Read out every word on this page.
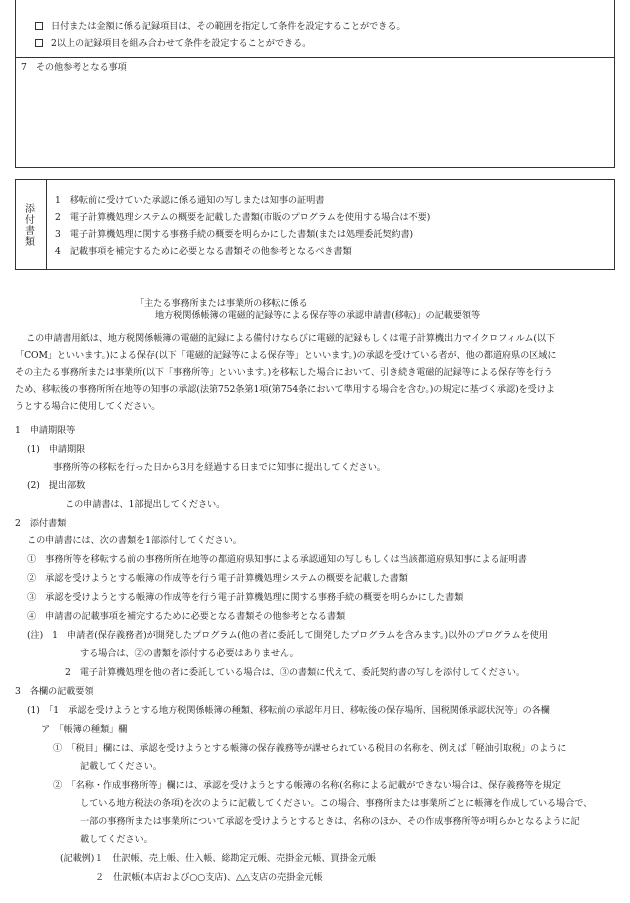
日付または金額に係る記録項目は、その範囲を指定して条件を設定することができる。
2以上の記録項目を組み合わせて条件を設定することができる。
7　その他参考となる事項
添付書類
1　移転前に受けていた承認に係る通知の写しまたは知事の証明書
2　電子計算機処理システムの概要を記載した書類(市販のプログラムを使用する場合は不要)
3　電子計算機処理に関する事務手続の概要を明らかにした書類(または処理委託契約書)
4　記載事項を補完するために必要となる書類その他参考となるべき書類
「主たる事務所または事業所の移転に係る
地方税関係帳簿の電磁的記録等による保存等の承認申請書(移転)」の記載要領等
この申請書用紙は、地方税関係帳簿の電磁的記録による備付けならびに電磁的記録もしくは電子計算機出力マイクロフィルム(以下
「COM」といいます。)による保存(以下「電磁的記録等による保存等」といいます。)の承認を受けている者が、他の都道府県の区域に
その主たる事務所または事業所(以下「事務所等」といいます。)を移転した場合において、引き続き電磁的記録等による保存等を行う
ため、移転後の事務所所在地等の知事の承認(法第752条第1項(第754条において準用する場合を含む。)の規定に基づく承認)を受けよ
うとする場合に使用してください。
1　申請期限等
(1)　申請期限
事務所等の移転を行った日から3月を経過する日までに知事に提出してください。
(2)　提出部数
この申請書は、1部提出してください。
2　添付書類
この申請書には、次の書類を1部添付してください。
①　事務所等を移転する前の事務所所在地等の都道府県知事による承認通知の写しもしくは当該都道府県知事による証明書
②　承認を受けようとする帳簿の作成等を行う電子計算機処理システムの概要を記載した書類
③　承認を受けようとする帳簿の作成等を行う電子計算機処理に関する事務手続の概要を明らかにした書類
④　申請書の記載事項を補完するために必要となる書類その他参考となる書類
(注)　1　申請者(保存義務者)が開発したプログラム(他の者に委託して開発したプログラムを含みます。)以外のプログラムを使用
する場合は、②の書類を添付する必要はありません。
2　電子計算機処理を他の者に委託している場合は、③の書類に代えて、委託契約書の写しを添付してください。
3　各欄の記載要領
(1)　「1　承認を受けようとする地方税関係帳簿の種類、移転前の承認年月日、移転後の保存場所、国税関係承認状況等」の各欄
ア　「帳簿の種類」欄
①　「税目」欄には、承認を受けようとする帳簿の保存義務等が課せられている税目の名称を、例えば「軽油引取税」のように
記載してください。
②　「名称・作成事務所等」欄には、承認を受けようとする帳簿の名称(名称による記載ができない場合は、保存義務等を規定
している地方税法の条項)を次のように記載してください。この場合、事務所または事業所ごとに帳簿を作成している場合で、
一部の事務所または事業所について承認を受けようとするときは、名称のほか、その作成事務所等が明らかとなるように記
載してください。
(記載例)１　仕訳帳、売上帳、仕入帳、総勘定元帳、売掛金元帳、買掛金元帳
２　仕訳帳(本店および○○支店)、△△支店の売掛金元帳
